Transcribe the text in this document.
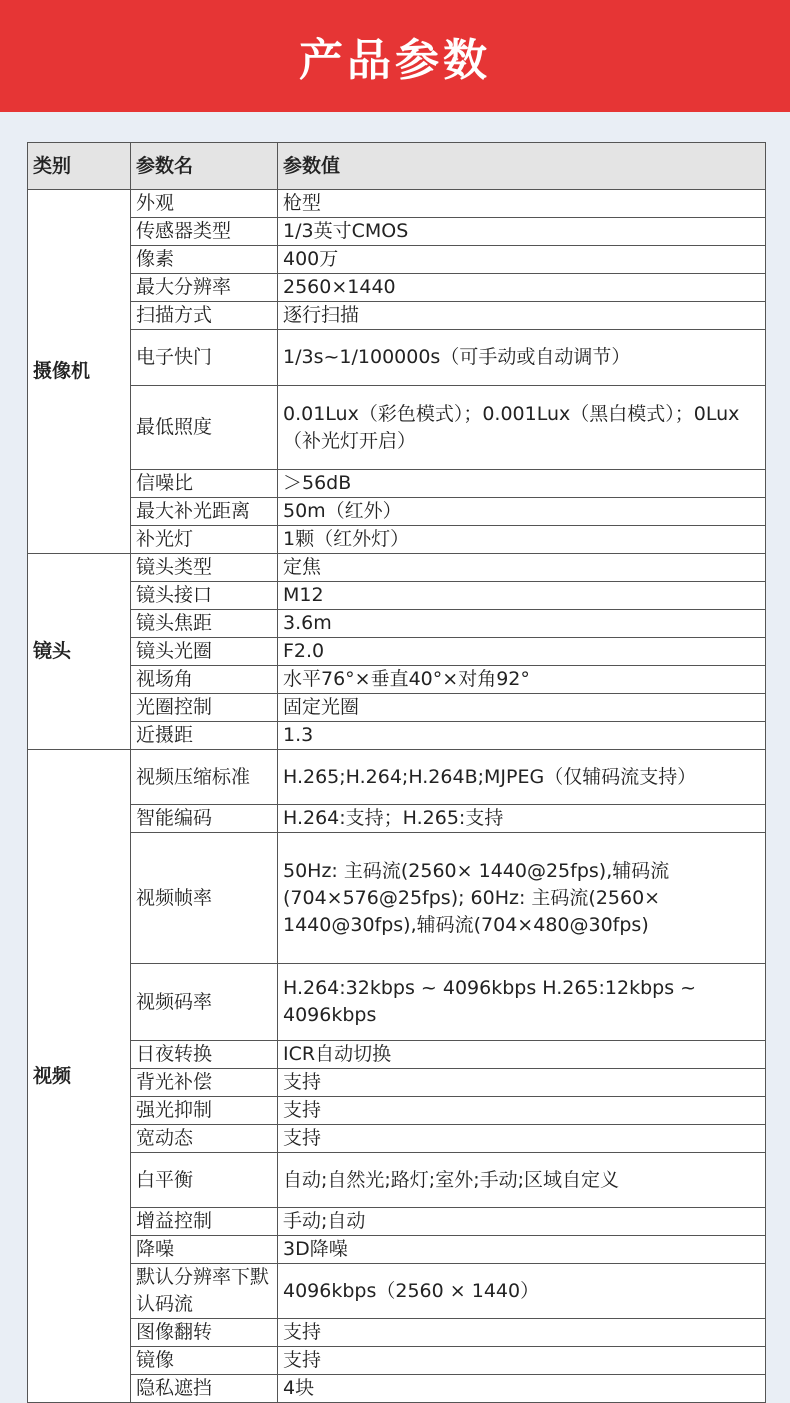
产品参数
类别	参数名	参数值
摄像机	外观	枪型
	传感器类型	1/3英寸CMOS
	像素	400万
	最大分辨率	2560×1440
	扫描方式	逐行扫描
	电子快门	1/3s~1/100000s（可手动或自动调节）
	最低照度	0.01Lux（彩色模式）；0.001Lux（黑白模式）；0Lux（补光灯开启）
	信噪比	＞56dB
	最大补光距离	50m（红外）
	补光灯	1颗（红外灯）
镜头	镜头类型	定焦
	镜头接口	M12
	镜头焦距	3.6m
	镜头光圈	F2.0
	视场角	水平76°×垂直40°×对角92°
	光圈控制	固定光圈
	近摄距	1.3
视频	视频压缩标准	H.265;H.264;H.264B;MJPEG（仅辅码流支持）
	智能编码	H.264:支持；H.265:支持
	视频帧率	50Hz: 主码流(2560× 1440@25fps),辅码流(704×576@25fps); 60Hz: 主码流(2560× 1440@30fps),辅码流(704×480@30fps)
	视频码率	H.264:32kbps ~ 4096kbps H.265:12kbps ~ 4096kbps
	日夜转换	ICR自动切换
	背光补偿	支持
	强光抑制	支持
	宽动态	支持
	白平衡	自动;自然光;路灯;室外;手动;区域自定义
	增益控制	手动;自动
	降噪	3D降噪
	默认分辨率下默认码流	4096kbps（2560 × 1440）
	图像翻转	支持
	镜像	支持
	隐私遮挡	4块
